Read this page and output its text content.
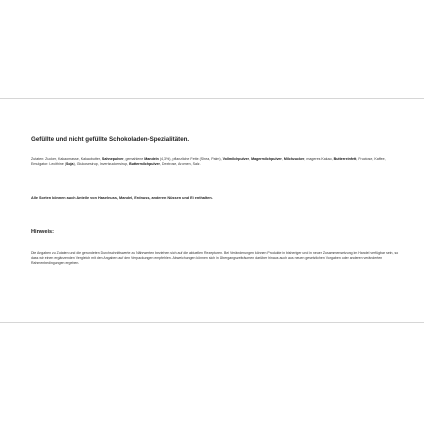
Gefüllte und nicht gefüllte Schokoladen-Spezialitäten.
Zutaten: Zucker, Kakaomasse, Kakaobutter, Sahnepulver, gemahlene Mandeln (4,3%), pflanzliche Fette (Shea, Palm), Vollmilchpulver, Magermilchpulver, Milchzucker, mageres Kakao, Butterreinfett, Fructose, Kaffee, Emulgator: Lecithine (Soja), Glukosesirup, Invertzuckersirup, Buttermilchpulver, Dextrose, Aromen, Salz.
Alle Sorten können auch Anteile von Haselnuss, Mandel, Erdnuss, anderen Nüssen und Ei enthalten.
Hinweis:
Die Angaben zu Zutaten und die gerundeten Durchschnittswerte zu Nährwerten beziehen sich auf die aktuellen Rezepturen. Bei Veränderungen können Produkte in bisheriger und in neuer Zusammensetzung im Handel verfügbar sein, so dass wir einen ergänzenden Vergleich mit den Angaben auf den Verpackungen empfehlen. Abweichungen können sich in Übergangszeiträumen darüber hinaus auch aus neuen gesetzlichen Vorgaben oder anderen veränderten Rahmenbedingungen ergeben.
